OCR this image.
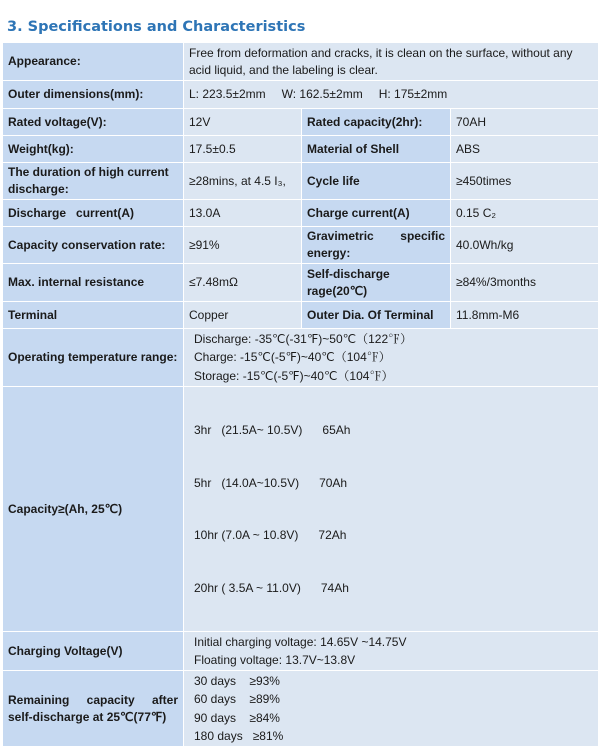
3. Specifications and Characteristics
Appearance:	Free from deformation and cracks, it is clean on the surface, without any acid liquid, and the labeling is clear.		
Outer dimensions(mm):	L: 223.5±2mm W: 162.5±2mm H: 175±2mm		
Rated voltage(V):	12V	Rated capacity(2hr):	70AH
Weight(kg):	17.5±0.5	Material of Shell	ABS
The duration of high current discharge:	≥28mins, at 4.5 I₃,	Cycle life	≥450times
Discharge   current(A)	13.0A	Charge current(A)	0.15 C₂
Capacity conservation rate:	≥91%	Gravimetric specific energy:	40.0Wh/kg
Max. internal resistance	≤7.48mΩ	Self-discharge rage(20℃)	≥84%/3months
Terminal	Copper	Outer Dia. Of Terminal	11.8mm-M6
Operating temperature range:	Discharge: -35℃(-31℉)~50℃（122℉）
Charge: -15℃(-5℉)~40℃（104℉）
Storage: -15℃(-5℉)~40℃（104℉）		

Capacity≥(Ah, 25℃)	3hr   (21.5A~ 10.5V)      65Ah

5hr   (14.0A~10.5V)      70Ah

10hr (7.0A ~ 10.8V)      72Ah

20hr ( 3.5A ~ 11.0V)      74Ah		

Charging Voltage(V)	Initial charging voltage: 14.65V ~14.75V
Floating voltage: 13.7V~13.8V		

Remaining capacity after self-discharge at 25℃(77℉)	30 days    ≥93%
60 days    ≥89%
90 days    ≥84%
180 days   ≥81%		
